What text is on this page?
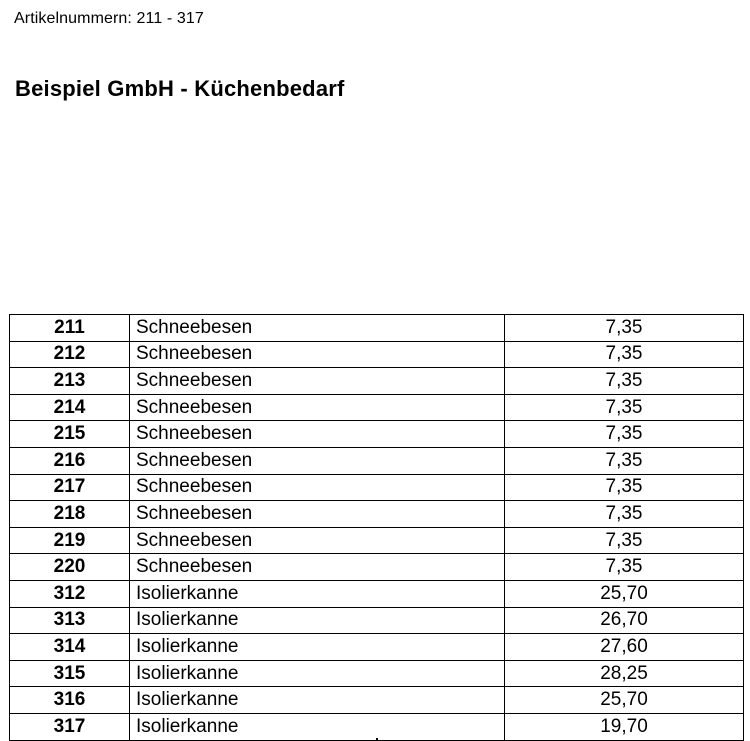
Artikelnummern: 211 - 317
Beispiel GmbH - Küchenbedarf
211	Schneebesen	7,35
212	Schneebesen	7,35
213	Schneebesen	7,35
214	Schneebesen	7,35
215	Schneebesen	7,35
216	Schneebesen	7,35
217	Schneebesen	7,35
218	Schneebesen	7,35
219	Schneebesen	7,35
220	Schneebesen	7,35
312	Isolierkanne	25,70
313	Isolierkanne	26,70
314	Isolierkanne	27,60
315	Isolierkanne	28,25
316	Isolierkanne	25,70
317	Isolierkanne	19,70
